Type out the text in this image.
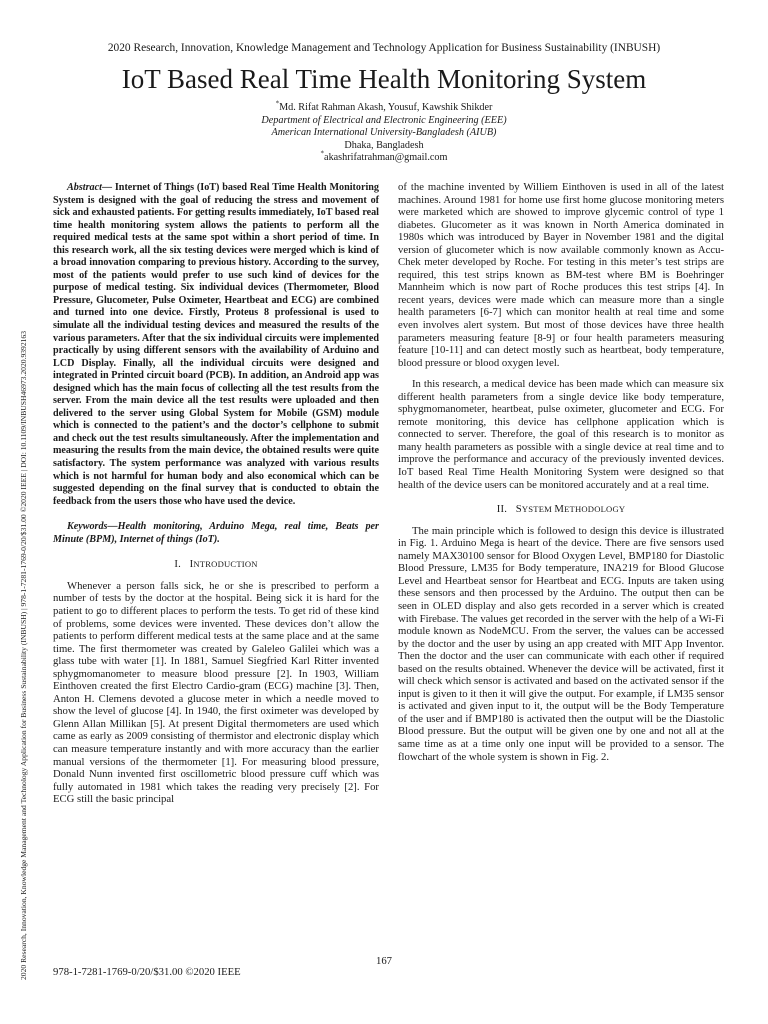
2020 Research, Innovation, Knowledge Management and Technology Application for Business Sustainability (INBUSH)
2020 Research, Innovation, Knowledge Management and Technology Application for Business Sustainability (INBUSH) | 978-1-7281-1769-0/20/$31.00 ©2020 IEEE | DOI: 10.1109/INBUSH46973.2020.9392163
IoT Based Real Time Health Monitoring System
*Md. Rifat Rahman Akash, Yousuf, Kawshik Shikder
Department of Electrical and Electronic Engineering (EEE)
American International University-Bangladesh (AIUB)
Dhaka, Bangladesh
*akashrifatrahman@gmail.com

Abstract— Internet of Things (IoT) based Real Time Health Monitoring System is designed with the goal of reducing the stress and movement of sick and exhausted patients. For getting results immediately, IoT based real time health monitoring system allows the patients to perform all the required medical tests at the same spot within a short period of time. In this research work, all the six testing devices were merged which is kind of a broad innovation comparing to previous history. According to the survey, most of the patients would prefer to use such kind of devices for the purpose of medical testing. Six individual devices (Thermometer, Blood Pressure, Glucometer, Pulse Oximeter, Heartbeat and ECG) are combined and turned into one device. Firstly, Proteus 8 professional is used to simulate all the individual testing devices and measured the results of the various parameters. After that the six individual circuits were implemented practically by using different sensors with the availability of Arduino and LCD Display. Finally, all the individual circuits were designed and integrated in Printed circuit board (PCB). In addition, an Android app was designed which has the main focus of collecting all the test results from the server. From the main device all the test results were uploaded and then delivered to the server using Global System for Mobile (GSM) module which is connected to the patient’s and the doctor’s cellphone to submit and check out the test results simultaneously. After the implementation and measuring the results from the main device, the obtained results were quite satisfactory. The system performance was analyzed with various results which is not harmful for human body and also economical which can be suggested depending on the final survey that is conducted to obtain the feedback from the users those who have used the device.

Keywords—Health monitoring, Arduino Mega, real time, Beats per Minute (BPM), Internet of things (IoT).

I. INTRODUCTION

Whenever a person falls sick, he or she is prescribed to perform a number of tests by the doctor at the hospital. Being sick it is hard for the patient to go to different places to perform the tests. To get rid of these kind of problems, some devices were invented. These devices don’t allow the patients to perform different medical tests at the same place and at the same time. The first thermometer was created by Galeleo Galilei which was a glass tube with water [1]. In 1881, Samuel Siegfried Karl Ritter invented sphygmomanometer to measure blood pressure [2]. In 1903, William Einthoven created the first Electro Cardio-gram (ECG) machine [3]. Then, Anton H. Clemens devoted a glucose meter in which a needle moved to show the level of glucose [4]. In 1940, the first oximeter was developed by Glenn Allan Millikan [5]. At present Digital thermometers are used which came as early as 2009 consisting of thermistor and electronic display which can measure temperature instantly and with more accuracy than the earlier manual versions of the thermometer [1]. For measuring blood pressure, Donald Nunn invented first oscillometric blood pressure cuff which was fully automated in 1981 which takes the reading very precisely [2]. For ECG still the basic principal

of the machine invented by Williem Einthoven is used in all of the latest machines. Around 1981 for home use first home glucose monitoring meters were marketed which are showed to improve glycemic control of type 1 diabetes. Glucometer as it was known in North America dominated in 1980s which was introduced by Bayer in November 1981 and the digital version of glucometer which is now available commonly known as Accu-Chek meter developed by Roche. For testing in this meter’s test strips are required, this test strips known as BM-test where BM is Boehringer Mannheim which is now part of Roche produces this test strips [4]. In recent years, devices were made which can measure more than a single health parameters [6-7] which can monitor health at real time and some even involves alert system. But most of those devices have three health parameters measuring feature [8-9] or four health parameters measuring feature [10-11] and can detect mostly such as heartbeat, body temperature, blood pressure or blood oxygen level.

In this research, a medical device has been made which can measure six different health parameters from a single device like body temperature, sphygmomanometer, heartbeat, pulse oximeter, glucometer and ECG. For remote monitoring, this device has cellphone application which is connected to server. Therefore, the goal of this research is to monitor as many health parameters as possible with a single device at real time and to improve the performance and accuracy of the previously invented devices. IoT based Real Time Health Monitoring System were designed so that health of the device users can be monitored accurately and at a real time.

II. SYSTEM METHODOLOGY

The main principle which is followed to design this device is illustrated in Fig. 1. Arduino Mega is heart of the device. There are five sensors used namely MAX30100 sensor for Blood Oxygen Level, BMP180 for Diastolic Blood Pressure, LM35 for Body temperature, INA219 for Blood Glucose Level and Heartbeat sensor for Heartbeat and ECG. Inputs are taken using these sensors and then processed by the Arduino. The output then can be seen in OLED display and also gets recorded in a server which is created with Firebase. The values get recorded in the server with the help of a Wi-Fi module known as NodeMCU. From the server, the values can be accessed by the doctor and the user by using an app created with MIT App Inventor. Then the doctor and the user can communicate with each other if required based on the results obtained. Whenever the device will be activated, first it will check which sensor is activated and based on the activated sensor if the input is given to it then it will give the output. For example, if LM35 sensor is activated and given input to it, the output will be the Body Temperature of the user and if BMP180 is activated then the output will be the Diastolic Blood pressure. But the output will be given one by one and not all at the same time as at a time only one input will be provided to a sensor. The flowchart of the whole system is shown in Fig. 2.

167
978-1-7281-1769-0/20/$31.00 ©2020 IEEE
